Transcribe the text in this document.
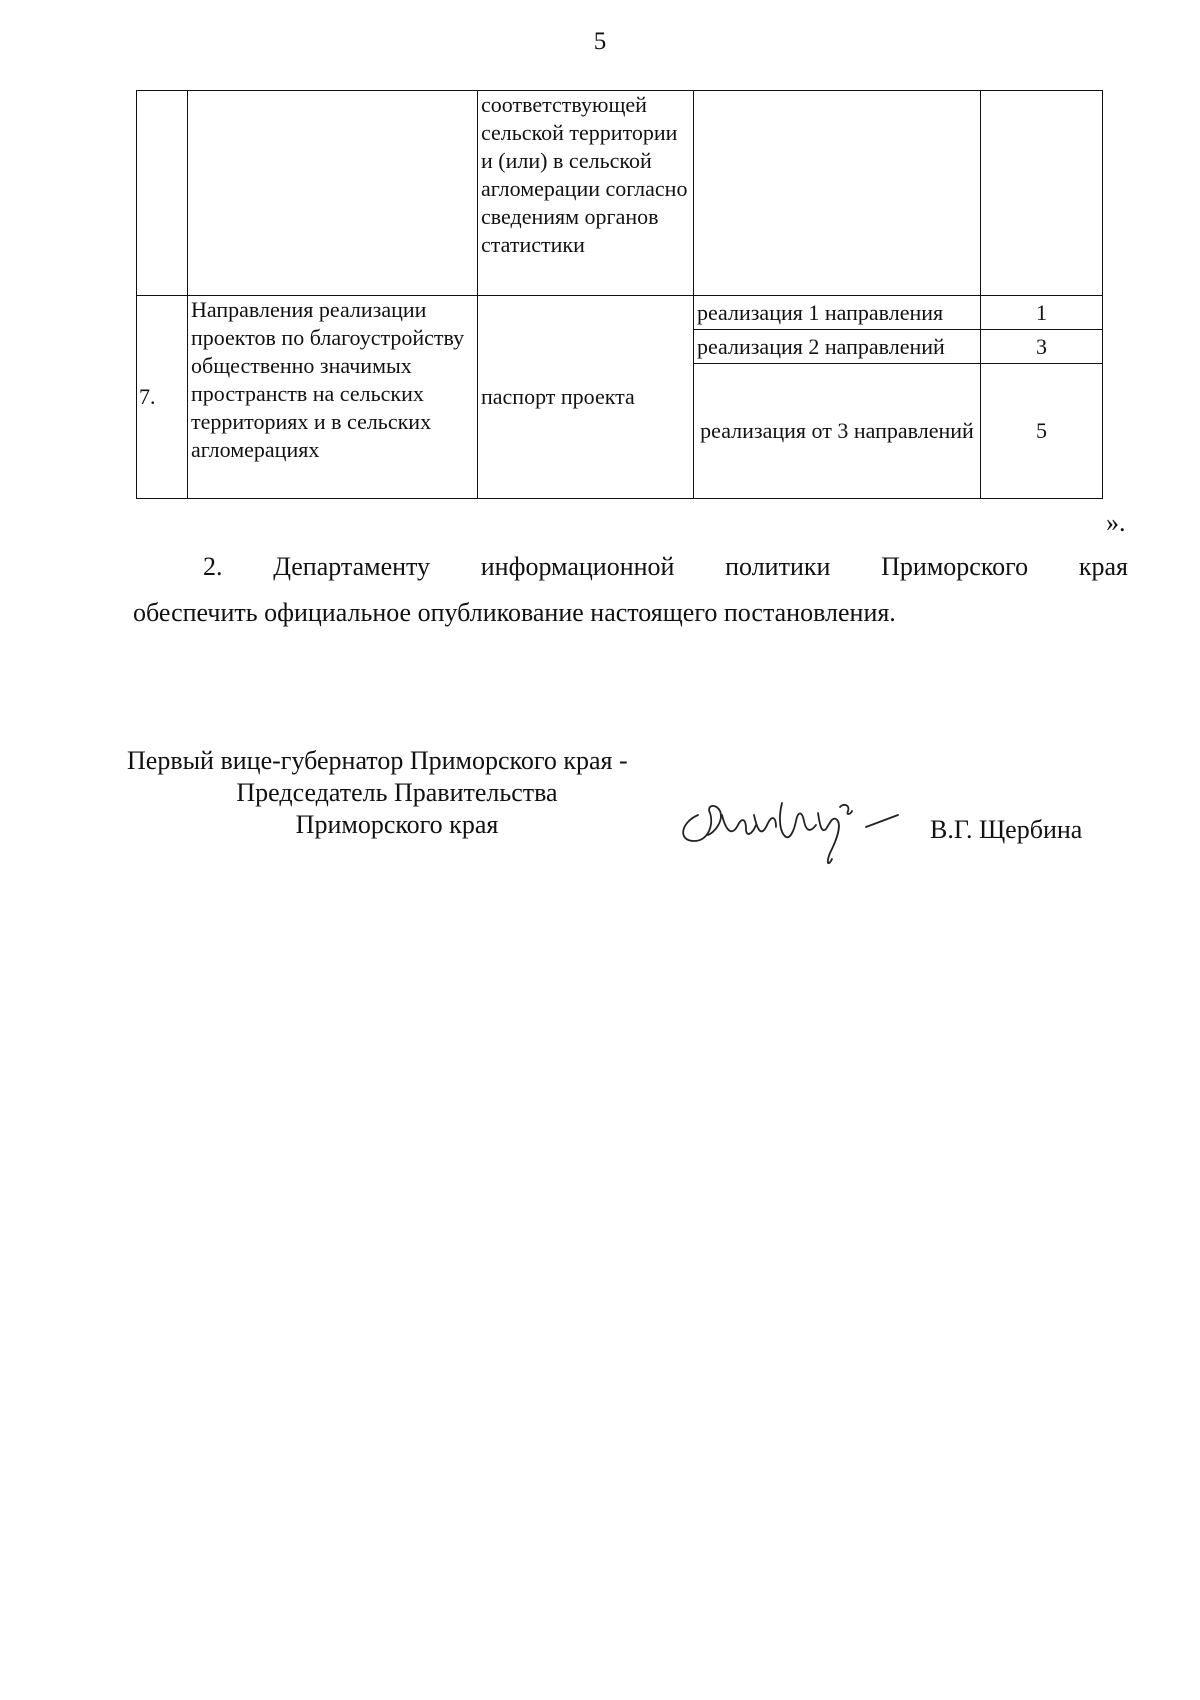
5
		соответствующей сельской территории и (или) в сельской агломерации согласно сведениям органов статистики		
7.	Направления реализации проектов по благоустройству общественно значимых пространств на сельских территориях и в сельских агломерациях	паспорт проекта	реализация 1 направления	1
			реализация 2 направлений	3
			реализация от 3 направлений	5
».
2. Департаменту информационной политики Приморского края
обеспечить официальное опубликование настоящего постановления.
Первый вице-губернатор Приморского края -
Председатель Правительства
Приморского края	В.Г. Щербина
